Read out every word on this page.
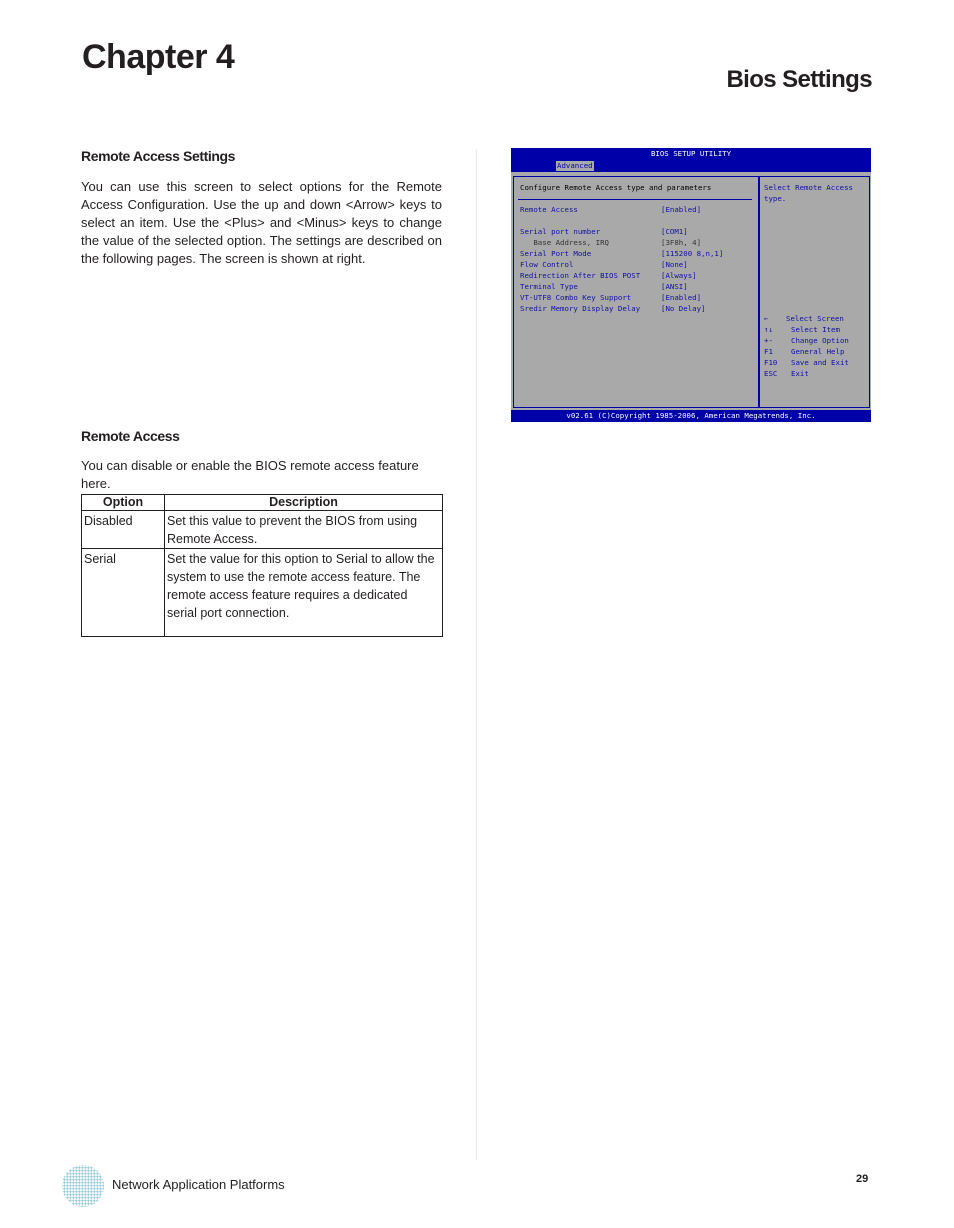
Chapter 4
Bios Settings
Remote Access Settings
You can use this screen to select options for the Remote Access Configuration. Use the up and down <Arrow> keys to select an item. Use the <Plus> and <Minus> keys to change the value of the selected option. The settings are described on the following pages. The screen is shown at right.
Remote Access
You can disable or enable the BIOS remote access feature here.
Option	Description
Disabled	Set this value to prevent the BIOS from using Remote Access.
Serial	Set the value for this option to Serial to allow the system to use the remote access feature. The remote access feature requires a dedicated serial port connection.
BIOS SETUP UTILITY
Advanced
Configure Remote Access type and parameters
Remote Access	[Enabled]
Serial port number	[COM1]
Base Address, IRQ	[3F8h, 4]
Serial Port Mode	[115200 8,n,1]
Flow Control	[None]
Redirection After BIOS POST	[Always]
Terminal Type	[ANSI]
VT-UTF8 Combo Key Support	[Enabled]
Sredir Memory Display Delay	[No Delay]
Select Remote Access
type.
← Select Screen
↑↓ Select Item
+- Change Option
F1 General Help
F10 Save and Exit
ESC Exit
v02.61 (C)Copyright 1985-2006, American Megatrends, Inc.
Network Application Platforms	29
